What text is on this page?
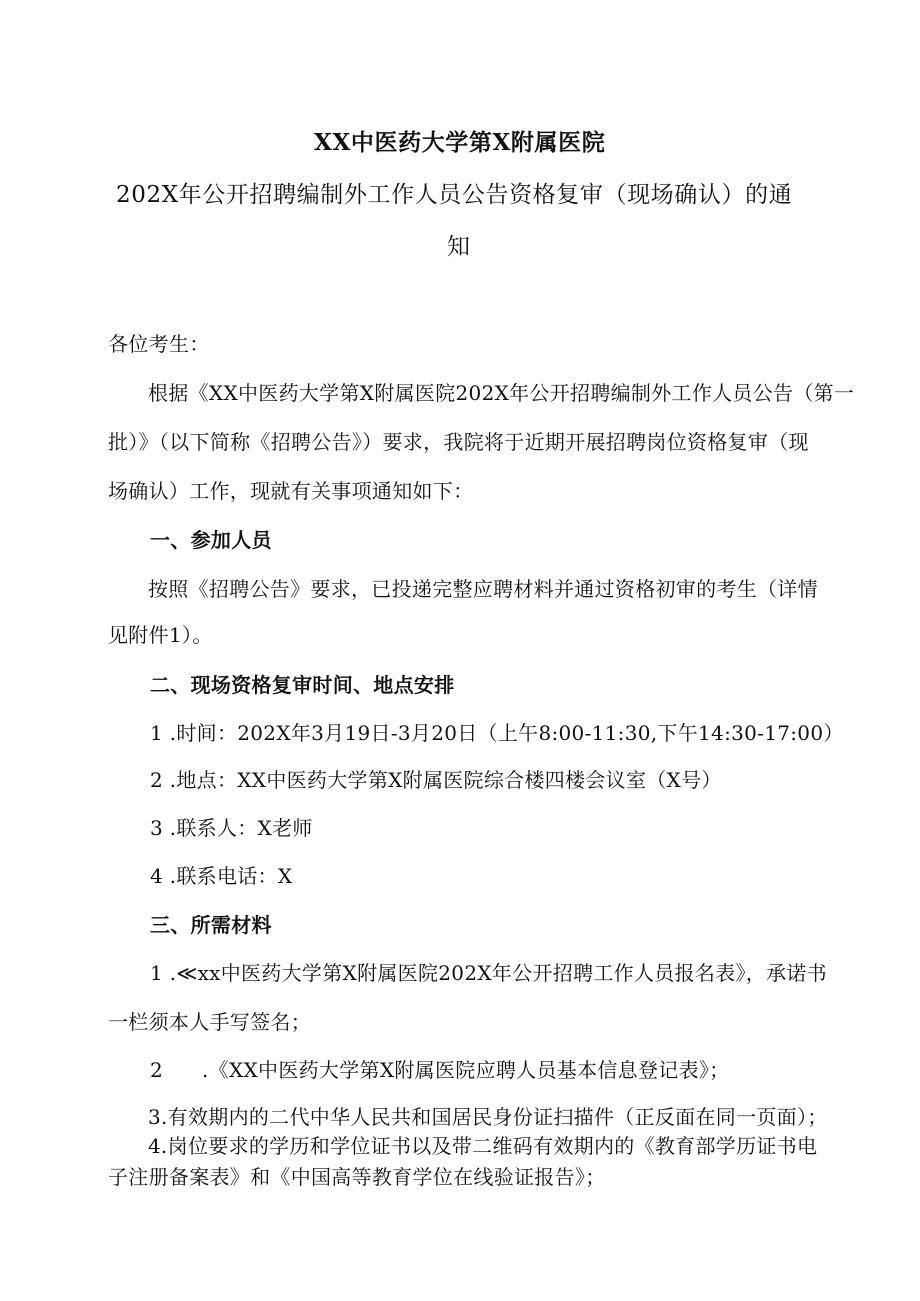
XX中医药大学第X附属医院
202X年公开招聘编制外工作人员公告资格复审（现场确认）的通
知
各位考生：
根据《XX中医药大学第X附属医院202X年公开招聘编制外工作人员公告（第一
批）》（以下简称《招聘公告》）要求，我院将于近期开展招聘岗位资格复审（现
场确认）工作，现就有关事项通知如下：
一、参加人员
按照《招聘公告》要求，已投递完整应聘材料并通过资格初审的考生（详情
见附件1）。
二、现场资格复审时间、地点安排
1 .时间：202X年3月19日-3月20日（上午8:00-11:30,下午14:30-17:00）
2 .地点：XX中医药大学第X附属医院综合楼四楼会议室（X号）
3 .联系人：X老师
4 .联系电话：X
三、所需材料
1 .≪xx中医药大学第X附属医院202X年公开招聘工作人员报名表》，承诺书
一栏须本人手写签名；
2 .《XX中医药大学第X附属医院应聘人员基本信息登记表》；
3.有效期内的二代中华人民共和国居民身份证扫描件（正反面在同一页面）；
4.岗位要求的学历和学位证书以及带二维码有效期内的《教育部学历证书电
子注册备案表》和《中国高等教育学位在线验证报告》；
